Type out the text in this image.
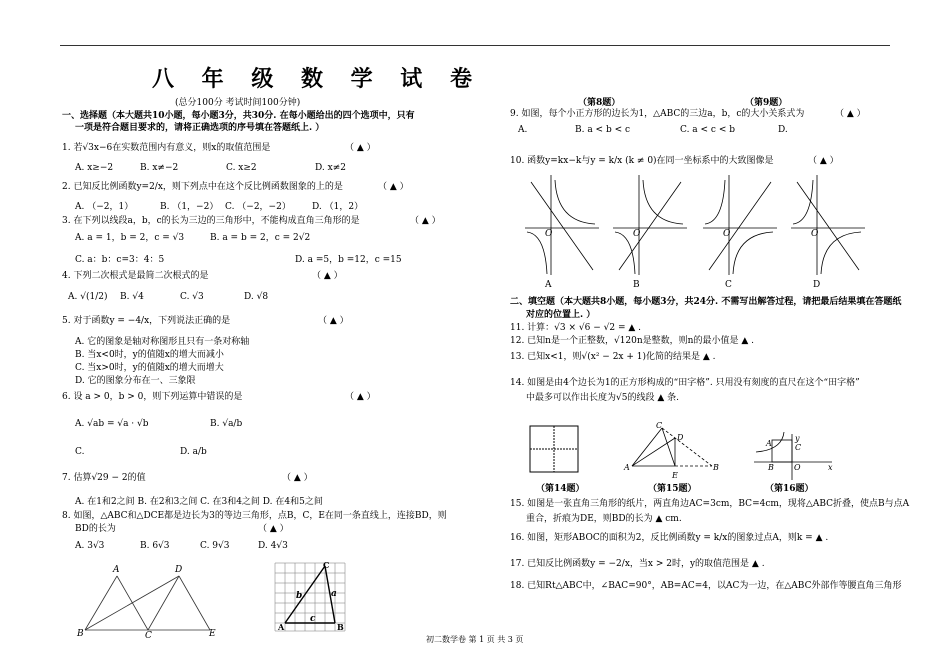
八 年 级 数 学 试 卷
(总分100分 考试时间100分钟)
一、选择题（本大题共10小题，每小题3分，共30分. 在每小题给出的四个选项中，只有
一项是符合题目要求的，请将正确选项的序号填在答题纸上. ）
1. 若√3x−6在实数范围内有意义，则x的取值范围是	（ ▲ ）
A. x≥−2	B. x≠−2	C. x≥2	D. x≠2
2. 已知反比例函数y=2/x，则下列点中在这个反比例函数图象的上的是	（ ▲ ）
A. （−2，1）	B. （1，−2） C. （−2，−2） D. （1，2）
3. 在下列以线段a，b，c的长为三边的三角形中，不能构成直角三角形的是	（ ▲ ）
A. a = 1，b = 2，c = √3	B. a = b = 2，c = 2√2
C. a：b：c=3：4：5	D. a =5，b =12，c =15
4. 下列二次根式是最简二次根式的是	（ ▲ ）
A. √(1/2) B. √4	C. √3	D. √8
5. 对于函数y = −4/x，下列说法正确的是	（ ▲ ）
A. 它的图象是轴对称图形且只有一条对称轴
B. 当x<0时，y的值随x的增大而减小
C. 当x>0时，y的值随x的增大而增大
D. 它的图象分布在一、三象限
6. 设 a > 0，b > 0，则下列运算中错误的是	（ ▲ ）
A. √ab = √a · √b	B. √a/b
C.	D. a/b
7. 估算√29 − 2的值	（ ▲ ）
A. 在1和2之间 B. 在2和3之间 C. 在3和4之间 D. 在4和5之间
8. 如图，△ABC和△DCE都是边长为3的等边三角形，点B，C，E在同一条直线上，连接BD，则
BD的长为	（ ▲ ）
A. 3√3	B. 6√3	C. 9√3	D. 4√3
A	D
B	C	E
C
A	B
b	a
c
（第8题）	（第9题）
9. 如图，每个小正方形的边长为1，△ABC的三边a，b，c的大小关系式为	（ ▲ ）
A.	B. a < b < c	C. a < c < b	D.
10. 函数y=kx−k与y = k/x (k ≠ 0)在同一坐标系中的大致图像是	（ ▲ ）
O	O	O	O
A	B	C	D
二、填空题（本大题共8小题，每小题3分，共24分. 不需写出解答过程，请把最后结果填在答题纸
对应的位置上. ）
11. 计算：√3 × √6 − √2 = ▲ .
12. 已知n是一个正整数，√120n是整数，则n的最小值是 ▲ .
13. 已知x<1，则√(x² − 2x + 1)化简的结果是 ▲ .
14. 如图是由4个边长为1的正方形构成的“田字格”. 只用没有刻度的直尺在这个“田字格”
中最多可以作出长度为√5的线段 ▲ 条.
C
D
A	B
E
y
x
O
A
B
C
（第14题）	（第15题）	（第16题）
15. 如图是一张直角三角形的纸片，两直角边AC=3cm，BC=4cm，现将△ABC折叠，使点B与点A
重合，折痕为DE，则BD的长为 ▲ cm.
16. 如图，矩形ABOC的面积为2，反比例函数y = k/x的图象过点A，则k = ▲ .
17. 已知反比例函数y = −2/x，当x > 2时，y的取值范围是 ▲ .
18. 已知Rt△ABC中，∠BAC=90°，AB=AC=4，以AC为一边，在△ABC外部作等腰直角三角形
初二数学卷 第 1 页 共 3 页
